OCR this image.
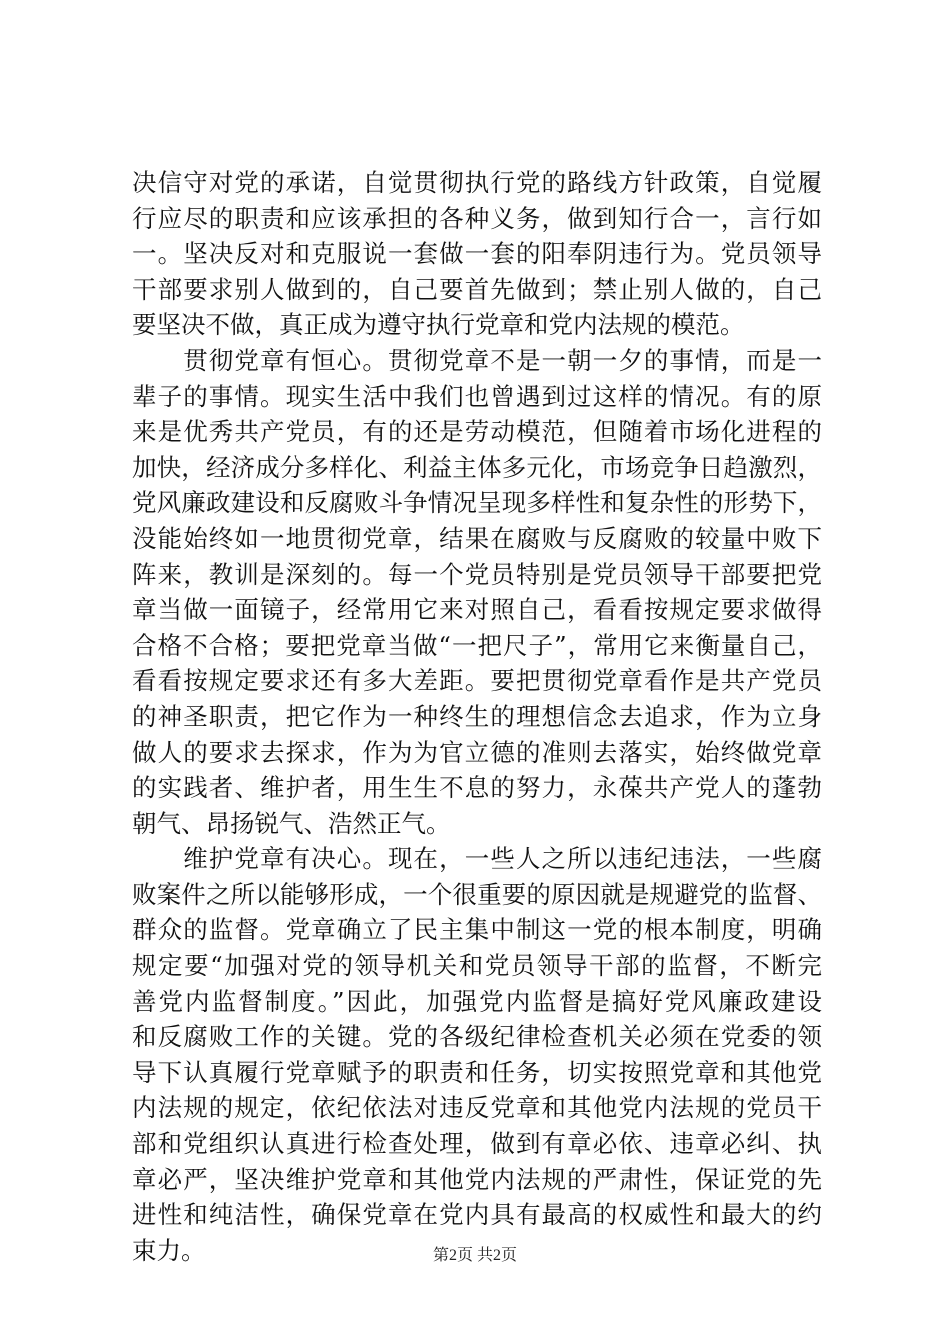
决信守对党的承诺，自觉贯彻执行党的路线方针政策，自觉履
行应尽的职责和应该承担的各种义务，做到知行合一，言行如
一。坚决反对和克服说一套做一套的阳奉阴违行为。党员领导
干部要求别人做到的，自己要首先做到；禁止别人做的，自己
要坚决不做，真正成为遵守执行党章和党内法规的模范。
　　贯彻党章有恒心。贯彻党章不是一朝一夕的事情，而是一
辈子的事情。现实生活中我们也曾遇到过这样的情况。有的原
来是优秀共产党员，有的还是劳动模范，但随着市场化进程的
加快，经济成分多样化、利益主体多元化，市场竞争日趋激烈，
党风廉政建设和反腐败斗争情况呈现多样性和复杂性的形势下，
没能始终如一地贯彻党章，结果在腐败与反腐败的较量中败下
阵来，教训是深刻的。每一个党员特别是党员领导干部要把党
章当做一面镜子，经常用它来对照自己，看看按规定要求做得
合格不合格；要把党章当做“一把尺子”，常用它来衡量自己，
看看按规定要求还有多大差距。要把贯彻党章看作是共产党员
的神圣职责，把它作为一种终生的理想信念去追求，作为立身
做人的要求去探求，作为为官立德的准则去落实，始终做党章
的实践者、维护者，用生生不息的努力，永葆共产党人的蓬勃
朝气、昂扬锐气、浩然正气。
　　维护党章有决心。现在，一些人之所以违纪违法，一些腐
败案件之所以能够形成，一个很重要的原因就是规避党的监督、
群众的监督。党章确立了民主集中制这一党的根本制度，明确
规定要“加强对党的领导机关和党员领导干部的监督，不断完
善党内监督制度。”因此，加强党内监督是搞好党风廉政建设
和反腐败工作的关键。党的各级纪律检查机关必须在党委的领
导下认真履行党章赋予的职责和任务，切实按照党章和其他党
内法规的规定，依纪依法对违反党章和其他党内法规的党员干
部和党组织认真进行检查处理，做到有章必依、违章必纠、执
章必严，坚决维护党章和其他党内法规的严肃性，保证党的先
进性和纯洁性，确保党章在党内具有最高的权威性和最大的约
束力。	第2页 共2页
